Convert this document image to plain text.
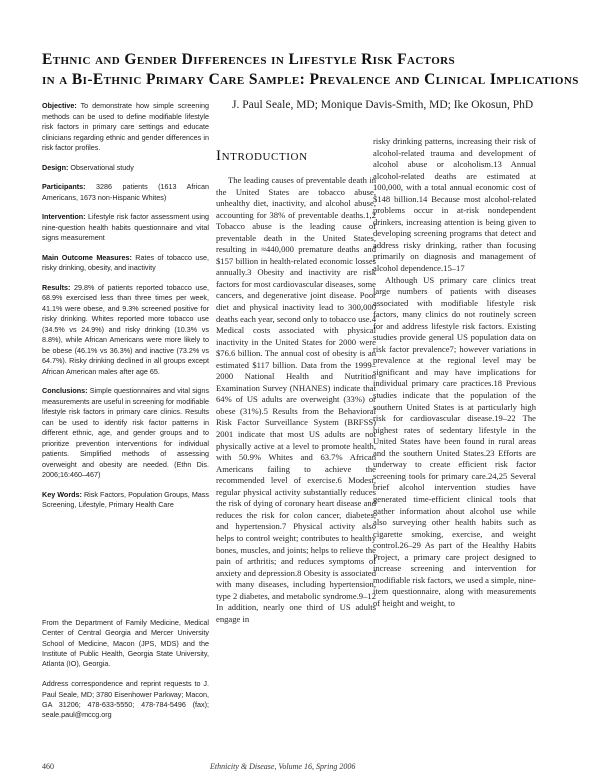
Ethnic and Gender Differences in Lifestyle Risk Factors
in a Bi-Ethnic Primary Care Sample: Prevalence and Clinical Implications
J. Paul Seale, MD; Monique Davis-Smith, MD; Ike Okosun, PhD

Objective: To demonstrate how simple screening methods can be used to define modifiable lifestyle risk factors in primary care settings and educate clinicians regarding ethnic and gender differences in risk factor profiles.

Design: Observational study

Participants: 3286 patients (1613 African Americans, 1673 non-Hispanic Whites)

Intervention: Lifestyle risk factor assessment using nine-question health habits questionnaire and vital signs measurement

Main Outcome Measures: Rates of tobacco use, risky drinking, obesity, and inactivity

Results: 29.8% of patients reported tobacco use, 68.9% exercised less than three times per week, 41.1% were obese, and 9.3% screened positive for risky drinking. Whites reported more tobacco use (34.5% vs 24.9%) and risky drinking (10.3% vs 8.8%), while African Americans were more likely to be obese (46.1% vs 36.3%) and inactive (73.2% vs 64.7%). Risky drinking declined in all groups except African American males after age 65.

Conclusions: Simple questionnaires and vital signs measurements are useful in screening for modifiable lifestyle risk factors in primary care clinics. Results can be used to identify risk factor patterns in different ethnic, age, and gender groups and to prioritize prevention interventions for individual patients. Simplified methods of assessing overweight and obesity are needed. (Ethn Dis. 2006;16:460–467)

Key Words: Risk Factors, Population Groups, Mass Screening, Lifestyle, Primary Health Care

From the Department of Family Medicine, Medical Center of Central Georgia and Mercer University School of Medicine, Macon (JPS, MDS) and the Institute of Public Health, Georgia State University, Atlanta (IO), Georgia.

Address correspondence and reprint requests to J. Paul Seale, MD; 3780 Eisenhower Parkway; Macon, GA 31206; 478-633-5550; 478-784-5496 (fax); seale.paul@mccg.org

Introduction

The leading causes of preventable death in the United States are tobacco abuse, unhealthy diet, inactivity, and alcohol abuse, accounting for 38% of preventable deaths.1,2 Tobacco abuse is the leading cause of preventable death in the United States, resulting in ≈440,000 premature deaths and $157 billion in health-related economic losses annually.3 Obesity and inactivity are risk factors for most cardiovascular diseases, some cancers, and degenerative joint disease. Poor diet and physical inactivity lead to 300,000 deaths each year, second only to tobacco use.4 Medical costs associated with physical inactivity in the United States for 2000 were $76.6 billion. The annual cost of obesity is an estimated $117 billion. Data from the 1999–2000 National Health and Nutrition Examination Survey (NHANES) indicate that 64% of US adults are overweight (33%) or obese (31%).5 Results from the Behavioral Risk Factor Surveillance System (BRFSS) 2001 indicate that most US adults are not physically active at a level to promote health, with 50.9% Whites and 63.7% African Americans failing to achieve the recommended level of exercise.6 Modest, regular physical activity substantially reduces the risk of dying of coronary heart disease and reduces the risk for colon cancer, diabetes, and hypertension.7 Physical activity also helps to control weight; contributes to healthy bones, muscles, and joints; helps to relieve the pain of arthritis; and reduces symptoms of anxiety and depression.8 Obesity is associated with many diseases, including hypertension, type 2 diabetes, and metabolic syndrome.9–12 In addition, nearly one third of US adults engage in

risky drinking patterns, increasing their risk of alcohol-related trauma and development of alcohol abuse or alcoholism.13 Annual alcohol-related deaths are estimated at 100,000, with a total annual economic cost of $148 billion.14 Because most alcohol-related problems occur in at-risk nondependent drinkers, increasing attention is being given to developing screening programs that detect and address risky drinking, rather than focusing primarily on diagnosis and management of alcohol dependence.15–17

Although US primary care clinics treat large numbers of patients with diseases associated with modifiable lifestyle risk factors, many clinics do not routinely screen for and address lifestyle risk factors. Existing studies provide general US population data on risk factor prevalence7; however variations in prevalence at the regional level may be significant and may have implications for individual primary care practices.18 Previous studies indicate that the population of the southern United States is at particularly high risk for cardiovascular disease.19–22 The highest rates of sedentary lifestyle in the United States have been found in rural areas and the southern United States.23 Efforts are underway to create efficient risk factor screening tools for primary care.24,25 Several brief alcohol intervention studies have generated time-efficient clinical tools that gather information about alcohol use while also surveying other health habits such as cigarette smoking, exercise, and weight control.26–29 As part of the Healthy Habits Project, a primary care project designed to increase screening and intervention for modifiable risk factors, we used a simple, nine-item questionnaire, along with measurements of height and weight, to

460	Ethnicity & Disease, Volume 16, Spring 2006
